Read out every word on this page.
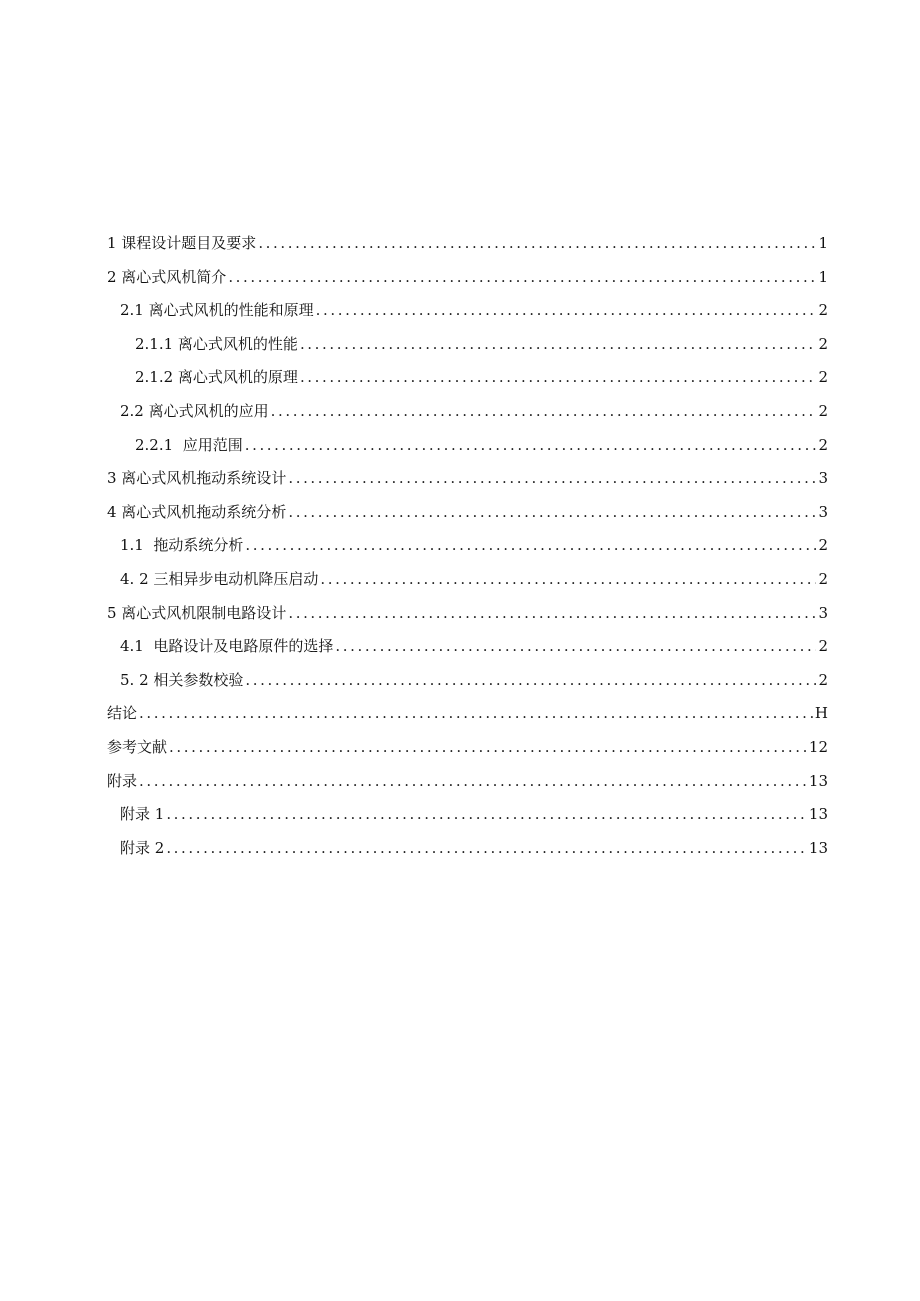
1 课程设计题目及要求 .....	1
2 离心式风机简介 .....	1
2.1 离心式风机的性能和原理 .....	2
2.1.1 离心式风机的性能 .....	2
2.1.2 离心式风机的原理 .....	2
2.2 离心式风机的应用 .....	2
2.2.1  应用范围 .....	2
3 离心式风机拖动系统设计 .....	3
4 离心式风机拖动系统分析 .....	3
1.1  拖动系统分析 .....	2
4. 2 三相异步电动机降压启动 .....	2
5 离心式风机限制电路设计 .....	3
4.1  电路设计及电路原件的选择 .....	2
5. 2 相关参数校验 .....	2
结论 .....	H
参考文献 .....	12
附录 .....	13
附录 1 .....	13
附录 2 .....	13
